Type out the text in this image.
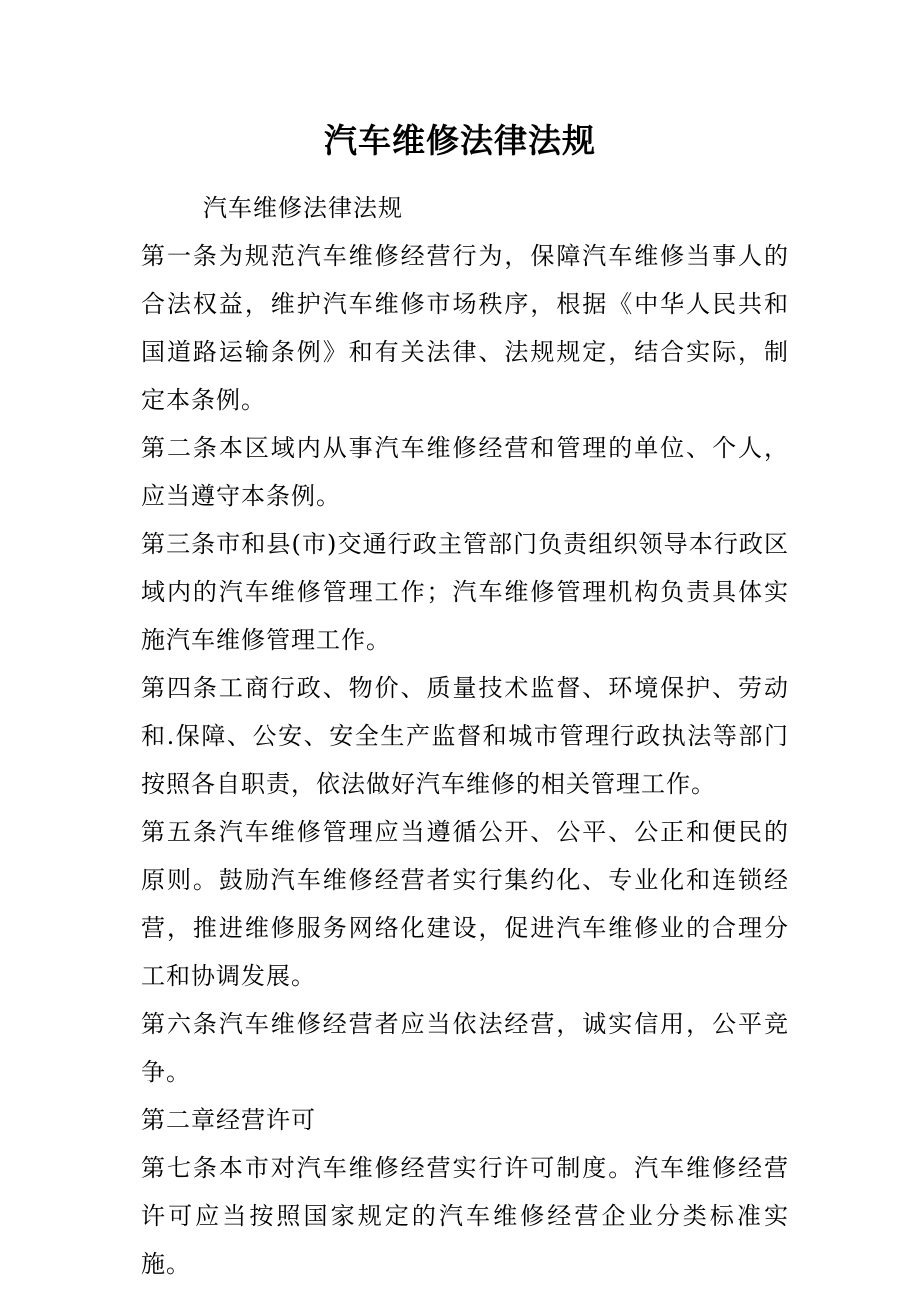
汽车维修法律法规

汽车维修法律法规

第一条为规范汽车维修经营行为，保障汽车维修当事人的合法权益，维护汽车维修市场秩序，根据《中华人民共和国道路运输条例》和有关法律、法规规定，结合实际，制定本条例。

第二条本区域内从事汽车维修经营和管理的单位、个人，应当遵守本条例。

第三条市和县(市)交通行政主管部门负责组织领导本行政区域内的汽车维修管理工作；汽车维修管理机构负责具体实施汽车维修管理工作。

第四条工商行政、物价、质量技术监督、环境保护、劳动和.保障、公安、安全生产监督和城市管理行政执法等部门按照各自职责，依法做好汽车维修的相关管理工作。

第五条汽车维修管理应当遵循公开、公平、公正和便民的原则。鼓励汽车维修经营者实行集约化、专业化和连锁经营，推进维修服务网络化建设，促进汽车维修业的合理分工和协调发展。

第六条汽车维修经营者应当依法经营，诚实信用，公平竞争。

第二章经营许可

第七条本市对汽车维修经营实行许可制度。汽车维修经营许可应当按照国家规定的汽车维修经营企业分类标准实施。
